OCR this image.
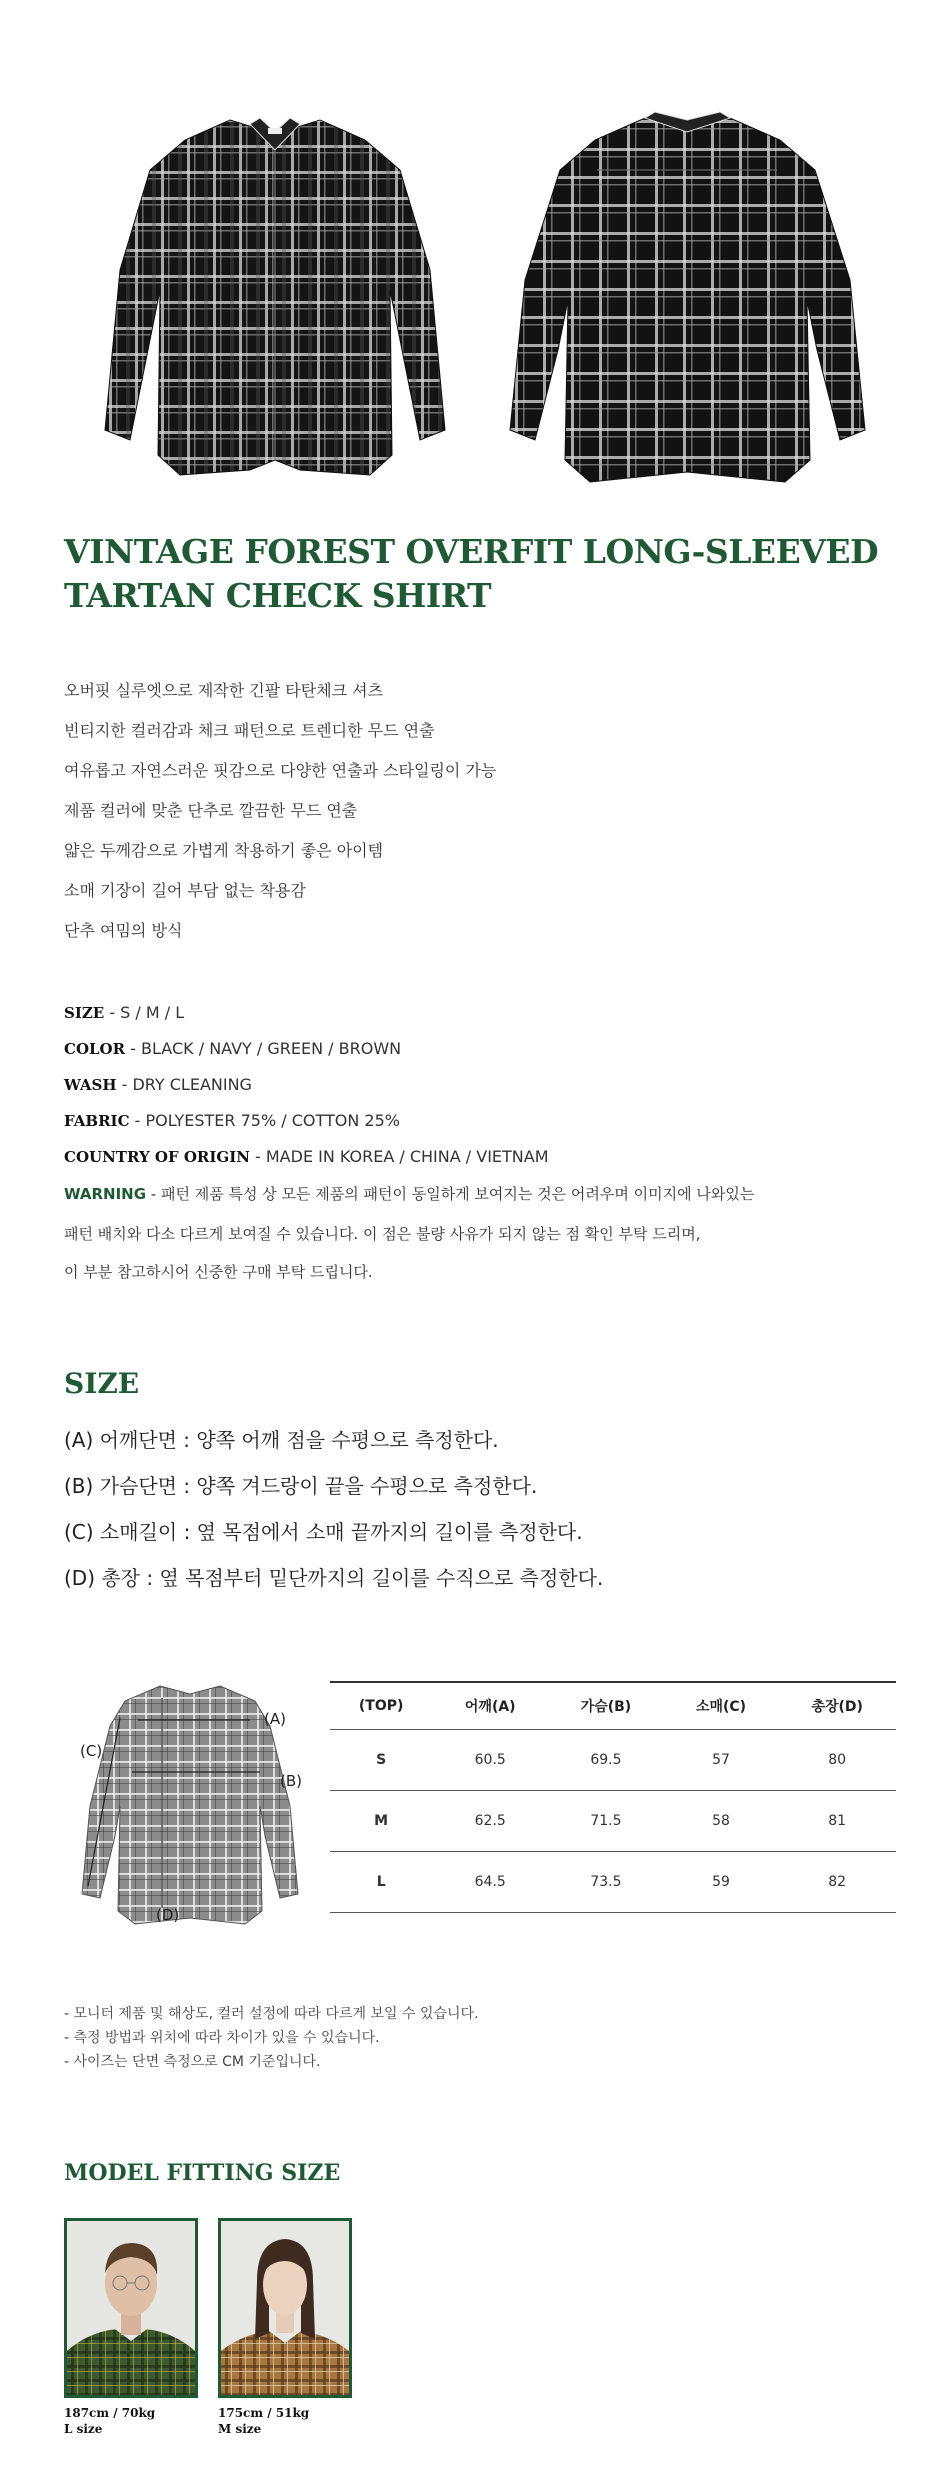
VINTAGE FOREST OVERFIT LONG-SLEEVED
TARTAN CHECK SHIRT
오버핏 실루엣으로 제작한 긴팔 타탄체크 셔츠
빈티지한 컬러감과 체크 패턴으로 트렌디한 무드 연출
여유롭고 자연스러운 핏감으로 다양한 연출과 스타일링이 가능
제품 컬러에 맞춘 단추로 깔끔한 무드 연출
얇은 두께감으로 가볍게 착용하기 좋은 아이템
소매 기장이 길어 부담 없는 착용감
단추 여밈의 방식
SIZE - S / M / L
COLOR - BLACK / NAVY / GREEN / BROWN
WASH - DRY CLEANING
FABRIC - POLYESTER 75% / COTTON 25%
COUNTRY OF ORIGIN - MADE IN KOREA / CHINA / VIETNAM
WARNING - 패턴 제품 특성 상 모든 제품의 패턴이 동일하게 보여지는 것은 어려우며 이미지에 나와있는
패턴 배치와 다소 다르게 보여질 수 있습니다. 이 점은 불량 사유가 되지 않는 점 확인 부탁 드리며,
이 부분 참고하시어 신중한 구매 부탁 드립니다.
SIZE
(A) 어깨단면 : 양쪽 어깨 점을 수평으로 측정한다.
(B) 가슴단면 : 양쪽 겨드랑이 끝을 수평으로 측정한다.
(C) 소매길이 : 옆 목점에서 소매 끝까지의 길이를 측정한다.
(D) 총장 : 옆 목점부터 밑단까지의 길이를 수직으로 측정한다.
(A)
(B)
(C)
(D)
(TOP)	어깨(A)	가슴(B)	소매(C)	총장(D)
S	60.5	69.5	57	80
M	62.5	71.5	58	81
L	64.5	73.5	59	82
- 모니터 제품 및 해상도, 컬러 설정에 따라 다르게 보일 수 있습니다.
- 측정 방법과 위치에 따라 차이가 있을 수 있습니다.
- 사이즈는 단면 측정으로 CM 기준입니다.
MODEL FITTING SIZE
187cm / 70kg
L size
175cm / 51kg
M size
